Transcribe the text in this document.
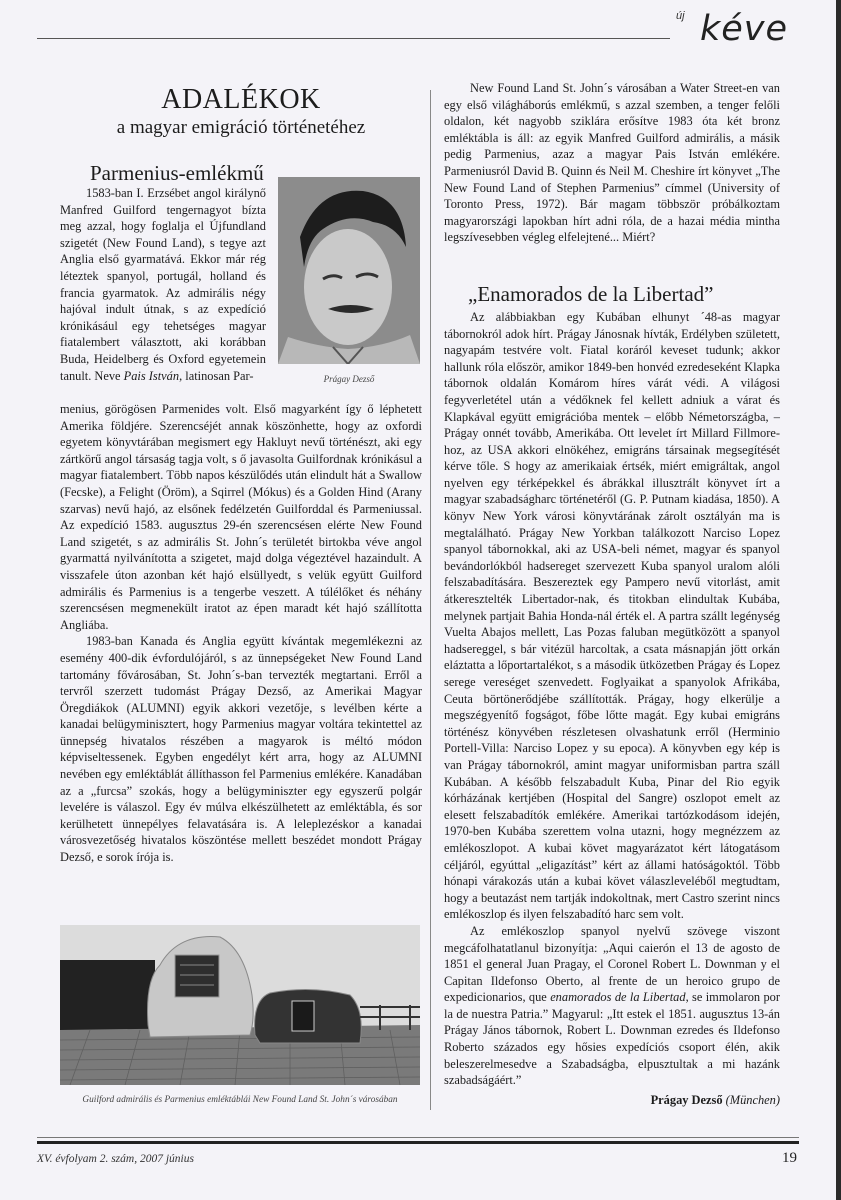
új kéve
ADALÉKOK
a magyar emigráció történetéhez
Parmenius-emlékmű

1583-ban I. Erzsébet angol királynő Manfred Guilford tengernagyot bízta meg azzal, hogy foglalja el Újfundland szigetét (New Found Land), s tegye azt Anglia első gyarmatává. Ekkor már rég léteztek spanyol, portugál, holland és francia gyarmatok. Az admirális négy hajóval indult útnak, s az expedíció krónikásául egy tehetséges magyar fiatalembert választott, aki korábban Buda, Heidelberg és Oxford egyetemein tanult. Neve Pais István, latinosan Par-	Prágay Dezső

menius, görögösen Parmenides volt. Első magyarként így ő léphetett Amerika földjére. Szerencséjét annak köszönhette, hogy az oxfordi egyetem könyvtárában megismert egy Hakluyt nevű történészt, aki egy zártkörű angol társaság tagja volt, s ő javasolta Guilfordnak krónikásul a magyar fiatalembert. Több napos készülődés után elindult hát a Swallow (Fecske), a Felight (Öröm), a Sqirrel (Mókus) és a Golden Hind (Arany szarvas) nevű hajó, az elsőnek fedélzetén Guilforddal és Parmeniussal. Az expedíció 1583. augusztus 29-én szerencsésen elérte New Found Land szigetét, s az admirális St. John´s területét birtokba véve angol gyarmattá nyilvánította a szigetet, majd dolga végeztével hazaindult. A visszafele úton azonban két hajó elsüllyedt, s velük együtt Guilford admirális és Parmenius is a tengerbe veszett. A túlélőket és néhány szerencsésen megmenekült iratot az épen maradt két hajó szállította Angliába.

1983-ban Kanada és Anglia együtt kívántak megemlékezni az esemény 400-dik évfordulójáról, s az ünnepségeket New Found Land tartomány fővárosában, St. John´s-ban tervezték megtartani. Erről a tervről szerzett tudomást Prágay Dezső, az Amerikai Magyar Öregdiákok (ALUMNI) egyik akkori vezetője, s levélben kérte a kanadai belügyminisztert, hogy Parmenius magyar voltára tekintettel az ünnepség hivatalos részében a magyarok is méltó módon képviseltessenek. Egyben engedélyt kért arra, hogy az ALUMNI nevében egy emléktáblát állíthasson fel Parmenius emlékére. Kanadában az a „furcsa” szokás, hogy a belügyminiszter egy egyszerű polgár levelére is válaszol. Egy év múlva elkészülhetett az emléktábla, és sor kerülhetett ünnepélyes felavatására is. A leleplezéskor a kanadai városvezetőség hivatalos köszöntése mellett beszédet mondott Prágay Dezső, e sorok írója is.

Guilford admirális és Parmenius emléktáblái New Found Land St. John´s városában

New Found Land St. John´s városában a Water Street-en van egy első világháborús emlékmű, s azzal szemben, a tenger felőli oldalon, két nagyobb sziklára erősítve 1983 óta két bronz emléktábla is áll: az egyik Manfred Guilford admirális, a másik pedig Parmenius, azaz a magyar Pais István emlékére. Parmeniusról David B. Quinn és Neil M. Cheshire írt könyvet „The New Found Land of Stephen Parmenius” címmel (University of Toronto Press, 1972). Bár magam többször próbálkoztam magyarországi lapokban hírt adni róla, de a hazai média mintha legszívesebben végleg elfelejtené... Miért?

„Enamorados de la Libertad”

Az alábbiakban egy Kubában elhunyt ´48-as magyar tábornokról adok hírt. Prágay Jánosnak hívták, Erdélyben született, nagyapám testvére volt. Fiatal koráról keveset tudunk; akkor hallunk róla először, amikor 1849-ben honvéd ezredeseként Klapka tábornok oldalán Komárom híres várát védi. A világosi fegyverletétel után a védőknek fel kellett adniuk a várat és Klapkával együtt emigrációba mentek – előbb Németországba, – Prágay onnét tovább, Amerikába. Ott levelet írt Millard Fillmore-hoz, az USA akkori elnökéhez, emigráns társainak megsegítését kérve tőle. S hogy az amerikaiak értsék, miért emigráltak, angol nyelven egy térképekkel és ábrákkal illusztrált könyvet írt a magyar szabadságharc történetéről (G. P. Putnam kiadása, 1850). A könyv New York városi könyvtárának zárolt osztályán ma is megtalálható. Prágay New Yorkban találkozott Narciso Lopez spanyol tábornokkal, aki az USA-beli német, magyar és spanyol bevándorlókból hadsereget szervezett Kuba spanyol uralom alóli felszabadítására. Beszereztek egy Pampero nevű vitorlást, amit átkeresztelték Libertador-nak, és titokban elindultak Kubába, melynek partjait Bahia Honda-nál érték el. A partra szállt legénység Vuelta Abajos mellett, Las Pozas faluban megütközött a spanyol hadsereggel, s bár vitézül harcoltak, a csata másnapján jött orkán eláztatta a lőportartalékot, s a második ütközetben Prágay és Lopez serege vereséget szenvedett. Foglyaikat a spanyolok Afrikába, Ceuta börtönerődjébe szállították. Prágay, hogy elkerülje a megszégyenítő fogságot, főbe lőtte magát. Egy kubai emigráns történész könyvében részletesen olvashatunk erről (Herminio Portell-Villa: Narciso Lopez y su epoca). A könyvben egy kép is van Prágay tábornokról, amint magyar uniformisban partra száll Kubában. A később felszabadult Kuba, Pinar del Rio egyik kórházának kertjében (Hospital del Sangre) oszlopot emelt az elesett felszabadítók emlékére. Amerikai tartózkodásom idején, 1970-ben Kubába szerettem volna utazni, hogy megnézzem az emlékoszlopot. A kubai követ magyarázatot kért látogatásom céljáról, egyúttal „eligazítást” kért az állami hatóságoktól. Több hónapi várakozás után a kubai követ válaszleveléből megtudtam, hogy a beutazást nem tartják indokoltnak, mert Castro szerint nincs emlékoszlop és ilyen felszabadító harc sem volt.

Az emlékoszlop spanyol nyelvű szövege viszont megcáfolhatatlanul bizonyítja: „Aqui caierón el 13 de agosto de 1851 el general Juan Pragay, el Coronel Robert L. Downman y el Capitan Ildefonso Oberto, al frente de un heroico grupo de expedicionarios, que enamorados de la Libertad, se immolaron por la de nuestra Patria.” Magyarul: „Itt estek el 1851. augusztus 13-án Prágay János tábornok, Robert L. Downman ezredes és Ildefonso Roberto százados egy hősies expedíciós csoport élén, akik beleszerelmesedve a Szabadságba, elpusztultak a mi hazánk szabadságáért.”

Prágay Dezső (München)
XV. évfolyam 2. szám, 2007 június	19
